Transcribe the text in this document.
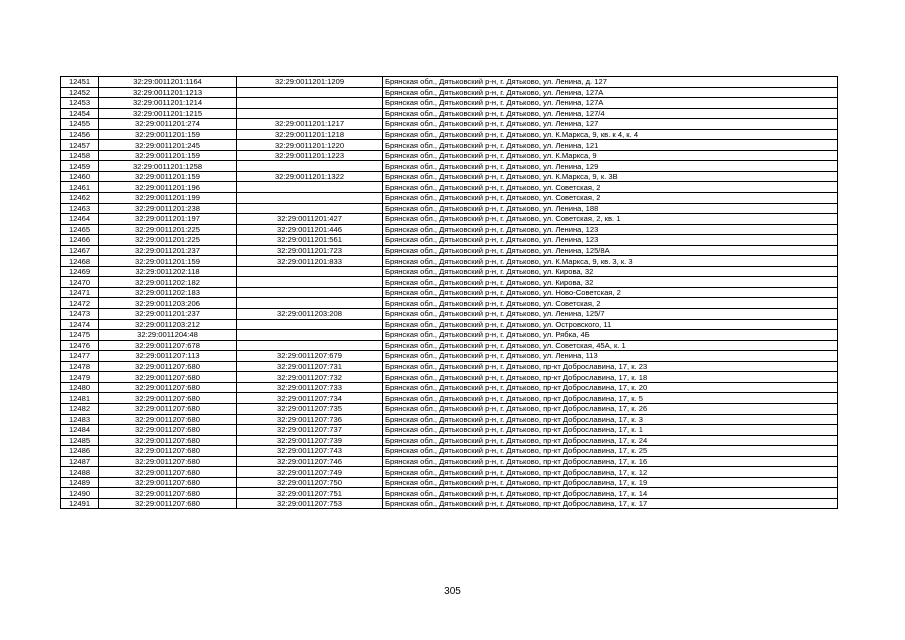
12451	32:29:0011201:1164	32:29:0011201:1209	Брянская обл., Дятьковский р-н, г. Дятьково, ул. Ленина, д. 127
12452	32:29:0011201:1213		Брянская обл., Дятьковский р-н, г. Дятьково, ул. Ленина, 127А
12453	32:29:0011201:1214		Брянская обл., Дятьковский р-н, г. Дятьково, ул. Ленина, 127А
12454	32:29:0011201:1215		Брянская обл., Дятьковский р-н, г. Дятьково, ул. Ленина, 127/4
12455	32:29:0011201:274	32:29:0011201:1217	Брянская обл., Дятьковский р-н, г. Дятьково, ул. Ленина, 127
12456	32:29:0011201:159	32:29:0011201:1218	Брянская обл., Дятьковский р-н, г. Дятьково, ул. К.Маркса, 9, кв. к 4, к. 4
12457	32:29:0011201:245	32:29:0011201:1220	Брянская обл., Дятьковский р-н, г. Дятьково, ул. Ленина, 121
12458	32:29:0011201:159	32:29:0011201:1223	Брянская обл., Дятьковский р-н, г. Дятьково, ул. К.Маркса, 9
12459	32:29:0011201:1258		Брянская обл., Дятьковский р-н, г. Дятьково, ул. Ленина, 129
12460	32:29:0011201:159	32:29:0011201:1322	Брянская обл., Дятьковский р-н, г. Дятьково, ул. К.Маркса, 9, к. 3В
12461	32:29:0011201:196		Брянская обл., Дятьковский р-н, г. Дятьково, ул. Советская, 2
12462	32:29:0011201:199		Брянская обл., Дятьковский р-н, г. Дятьково, ул. Советская, 2
12463	32:29:0011201:238		Брянская обл., Дятьковский р-н, г. Дятьково, ул. Ленина, 188
12464	32:29:0011201:197	32:29:0011201:427	Брянская обл., Дятьковский р-н, г. Дятьково, ул. Советская, 2, кв. 1
12465	32:29:0011201:225	32:29:0011201:446	Брянская обл., Дятьковский р-н, г. Дятьково, ул. Ленина, 123
12466	32:29:0011201:225	32:29:0011201:561	Брянская обл., Дятьковский р-н, г. Дятьково, ул. Ленина, 123
12467	32:29:0011201:237	32:29:0011201:723	Брянская обл., Дятьковский р-н, г. Дятьково, ул. Ленина, 125/8А
12468	32:29:0011201:159	32:29:0011201:833	Брянская обл., Дятьковский р-н, г. Дятьково, ул. К.Маркса, 9, кв. 3, к. 3
12469	32:29:0011202:118		Брянская обл., Дятьковский р-н, г. Дятьково, ул. Кирова, 32
12470	32:29:0011202:182		Брянская обл., Дятьковский р-н, г. Дятьково, ул. Кирова, 32
12471	32:29:0011202:183		Брянская обл., Дятьковский р-н, г. Дятьково, ул. Ново-Советская, 2
12472	32:29:0011203:206		Брянская обл., Дятьковский р-н, г. Дятьково, ул. Советская, 2
12473	32:29:0011201:237	32:29:0011203:208	Брянская обл., Дятьковский р-н, г. Дятьково, ул. Ленина, 125/7
12474	32:29:0011203:212		Брянская обл., Дятьковский р-н, г. Дятьково, ул. Островского, 11
12475	32:29:0011204:48		Брянская обл., Дятьковский р-н, г. Дятьково, ул. Рябка, 4Б
12476	32:29:0011207:678		Брянская обл., Дятьковский р-н, г. Дятьково, ул. Советская, 45А, к. 1
12477	32:29:0011207:113	32:29:0011207:679	Брянская обл., Дятьковский р-н, г. Дятьково, ул. Ленина, 113
12478	32:29:0011207:680	32:29:0011207:731	Брянская обл., Дятьковский р-н, г. Дятьково, пр-кт Доброславина, 17, к. 23
12479	32:29:0011207:680	32:29:0011207:732	Брянская обл., Дятьковский р-н, г. Дятьково, пр-кт Доброславина, 17, к. 18
12480	32:29:0011207:680	32:29:0011207:733	Брянская обл., Дятьковский р-н, г. Дятьково, пр-кт Доброславина, 17, к. 20
12481	32:29:0011207:680	32:29:0011207:734	Брянская обл., Дятьковский р-н, г. Дятьково, пр-кт Доброславина, 17, к. 5
12482	32:29:0011207:680	32:29:0011207:735	Брянская обл., Дятьковский р-н, г. Дятьково, пр-кт Доброславина, 17, к. 26
12483	32:29:0011207:680	32:29:0011207:736	Брянская обл., Дятьковский р-н, г. Дятьково, пр-кт Доброславина, 17, к. 3
12484	32:29:0011207:680	32:29:0011207:737	Брянская обл., Дятьковский р-н, г. Дятьково, пр-кт Доброславина, 17, к. 1
12485	32:29:0011207:680	32:29:0011207:739	Брянская обл., Дятьковский р-н, г. Дятьково, пр-кт Доброславина, 17, к. 24
12486	32:29:0011207:680	32:29:0011207:743	Брянская обл., Дятьковский р-н, г. Дятьково, пр-кт Доброславина, 17, к. 25
12487	32:29:0011207:680	32:29:0011207:746	Брянская обл., Дятьковский р-н, г. Дятьково, пр-кт Доброславина, 17, к. 16
12488	32:29:0011207:680	32:29:0011207:749	Брянская обл., Дятьковский р-н, г. Дятьково, пр-кт Доброславина, 17, к. 12
12489	32:29:0011207:680	32:29:0011207:750	Брянская обл., Дятьковский р-н, г. Дятьково, пр-кт Доброславина, 17, к. 19
12490	32:29:0011207:680	32:29:0011207:751	Брянская обл., Дятьковский р-н, г. Дятьково, пр-кт Доброславина, 17, к. 14
12491	32:29:0011207:680	32:29:0011207:753	Брянская обл., Дятьковский р-н, г. Дятьково, пр-кт Доброславина, 17, к. 17
305
